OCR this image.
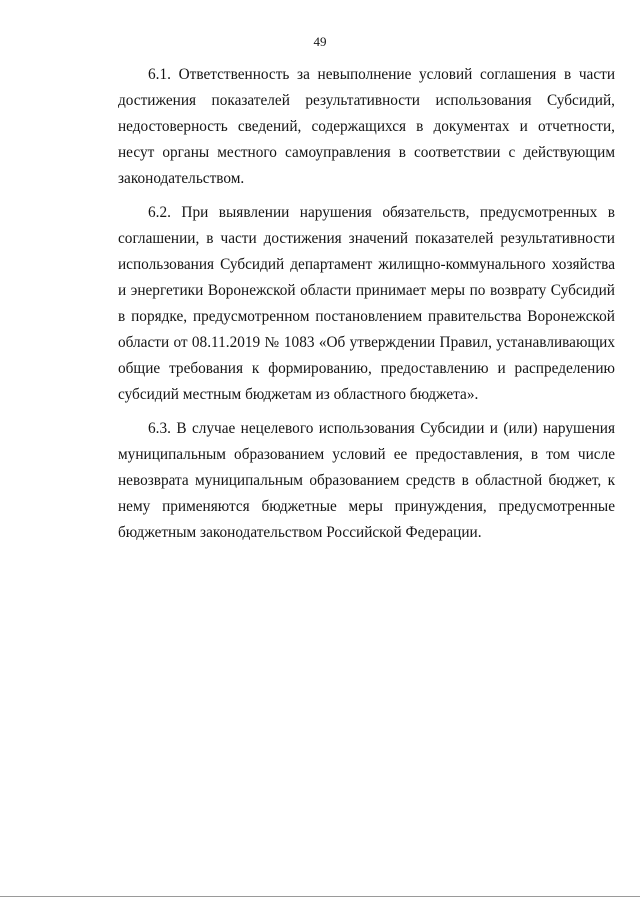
49

6.1. Ответственность за невыполнение условий соглашения в части достижения показателей результативности использования Субсидий, недостоверность сведений, содержащихся в документах и отчетности, несут органы местного самоуправления в соответствии с действующим законодательством.

6.2. При выявлении нарушения обязательств, предусмотренных в соглашении, в части достижения значений показателей результативности использования Субсидий департамент жилищно-коммунального хозяйства и энергетики Воронежской области принимает меры по возврату Субсидий в порядке, предусмотренном постановлением правительства Воронежской области от 08.11.2019 № 1083 «Об утверждении Правил, устанавливающих общие требования к формированию, предоставлению и распределению субсидий местным бюджетам из областного бюджета».

6.3. В случае нецелевого использования Субсидии и (или) нарушения муниципальным образованием условий ее предоставления, в том числе невозврата муниципальным образованием средств в областной бюджет, к нему применяются бюджетные меры принуждения, предусмотренные бюджетным законодательством Российской Федерации.
